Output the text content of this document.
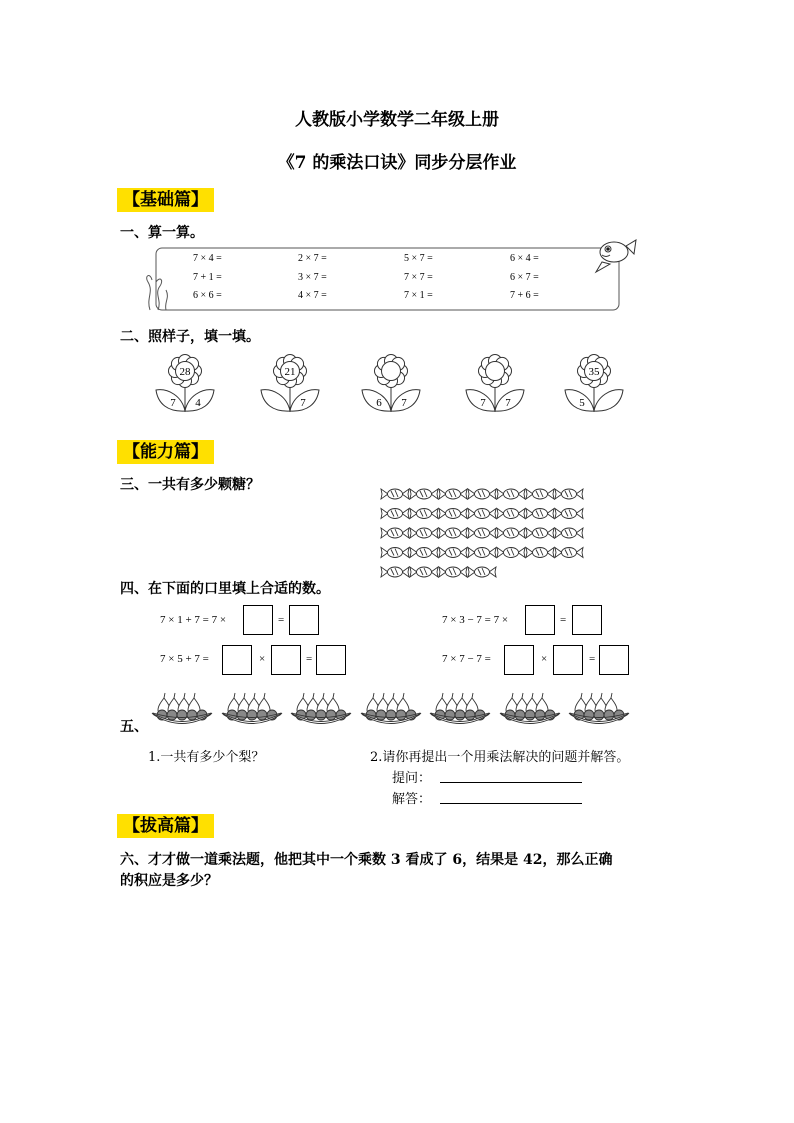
人教版小学数学二年级上册
《7 的乘法口诀》同步分层作业
【基础篇】
一、算一算。
7 × 4 =	2 × 7 =	5 × 7 =	6 × 4 =
7 + 1 =	3 × 7 =	7 × 7 =	6 × 7 =
6 × 6 =	4 × 7 =	7 × 1 =	7 + 6 =
二、照样子，填一填。
28
7 4
21
7	6 7	7 7
35
5
【能力篇】
三、一共有多少颗糖？
四、在下面的口里填上合适的数。
7 × 1 + 7 = 7 ×	=
7 × 5 + 7 =	×	=
7 × 3 − 7 = 7 ×	=
7 × 7 − 7 =	×	=
五、
1.一共有多少个梨？	2.请你再提出一个用乘法解决的问题并解答。
提问：
解答：
【拔高篇】
六、才才做一道乘法题，他把其中一个乘数 3 看成了 6，结果是 42，那么正确
的积应是多少？
